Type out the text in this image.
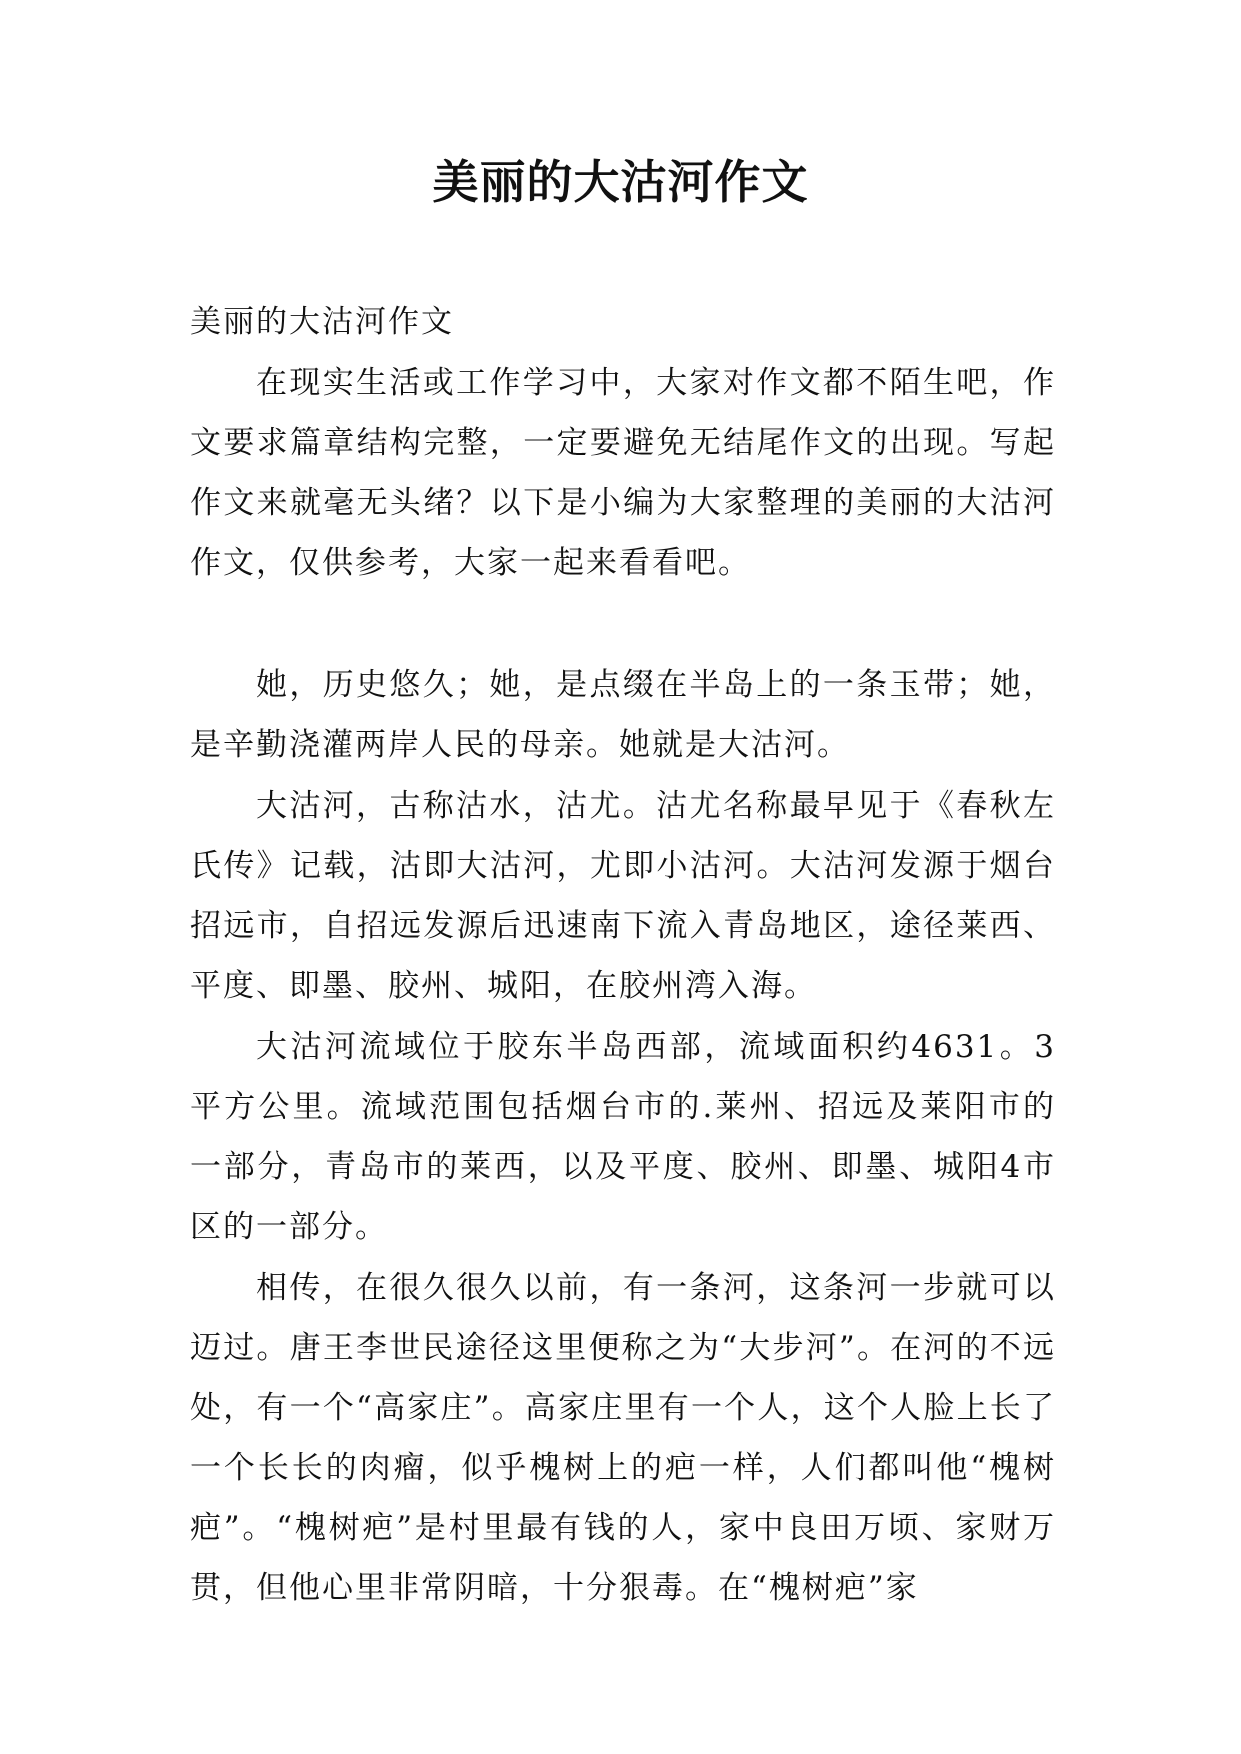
美丽的大沽河作文

美丽的大沽河作文

在现实生活或工作学习中，大家对作文都不陌生吧，作文要求篇章结构完整，一定要避免无结尾作文的出现。写起作文来就毫无头绪？以下是小编为大家整理的美丽的大沽河作文，仅供参考，大家一起来看看吧。

她，历史悠久；她，是点缀在半岛上的一条玉带；她，是辛勤浇灌两岸人民的母亲。她就是大沽河。

大沽河，古称沽水，沽尤。沽尤名称最早见于《春秋左氏传》记载，沽即大沽河，尤即小沽河。大沽河发源于烟台招远市，自招远发源后迅速南下流入青岛地区，途径莱西、平度、即墨、胶州、城阳，在胶州湾入海。

大沽河流域位于胶东半岛西部，流域面积约4631。3平方公里。流域范围包括烟台市的.莱州、招远及莱阳市的一部分，青岛市的莱西，以及平度、胶州、即墨、城阳4市区的一部分。

相传，在很久很久以前，有一条河，这条河一步就可以迈过。唐王李世民途径这里便称之为“大步河”。在河的不远处，有一个“高家庄”。高家庄里有一个人，这个人脸上长了一个长长的肉瘤，似乎槐树上的疤一样，人们都叫他“槐树疤”。“槐树疤”是村里最有钱的人，家中良田万顷、家财万贯，但他心里非常阴暗，十分狠毒。在“槐树疤”家
